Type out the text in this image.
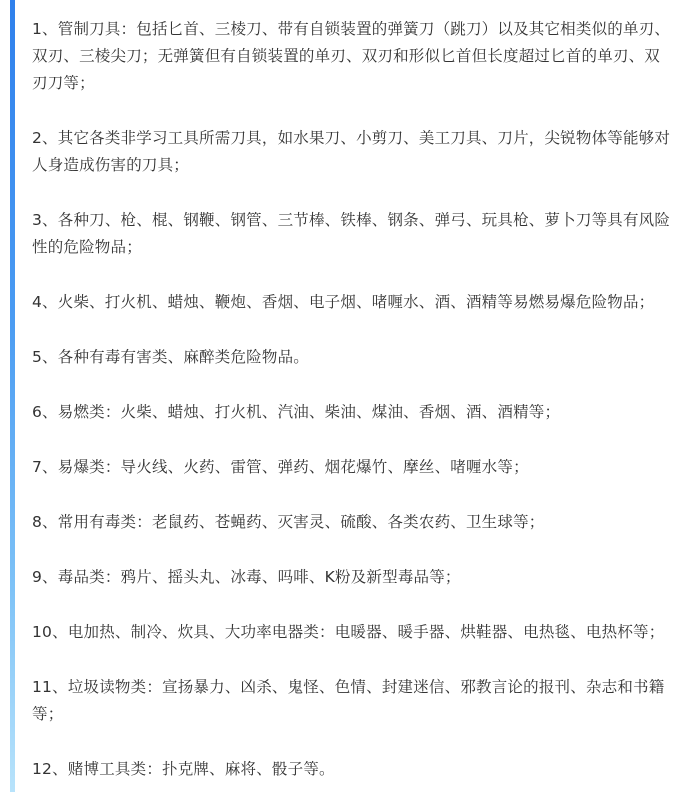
1、管制刀具：包括匕首、三棱刀、带有自锁装置的弹簧刀（跳刀）以及其它相类似的单刃、双刃、三棱尖刀；无弹簧但有自锁装置的单刃、双刃和形似匕首但长度超过匕首的单刃、双刃刀等；

2、其它各类非学习工具所需刀具，如水果刀、小剪刀、美工刀具、刀片，尖锐物体等能够对人身造成伤害的刀具；

3、各种刀、枪、棍、钢鞭、钢管、三节棒、铁棒、钢条、弹弓、玩具枪、萝卜刀等具有风险性的危险物品；

4、火柴、打火机、蜡烛、鞭炮、香烟、电子烟、啫喱水、酒、酒精等易燃易爆危险物品；

5、各种有毒有害类、麻醉类危险物品。

6、易燃类：火柴、蜡烛、打火机、汽油、柴油、煤油、香烟、酒、酒精等；

7、易爆类：导火线、火药、雷管、弹药、烟花爆竹、摩丝、啫喱水等；

8、常用有毒类：老鼠药、苍蝇药、灭害灵、硫酸、各类农药、卫生球等；

9、毒品类：鸦片、摇头丸、冰毒、吗啡、K粉及新型毒品等；

10、电加热、制冷、炊具、大功率电器类：电暖器、暖手器、烘鞋器、电热毯、电热杯等；

11、垃圾读物类：宣扬暴力、凶杀、鬼怪、色情、封建迷信、邪教言论的报刊、杂志和书籍等；

12、赌博工具类：扑克牌、麻将、骰子等。
